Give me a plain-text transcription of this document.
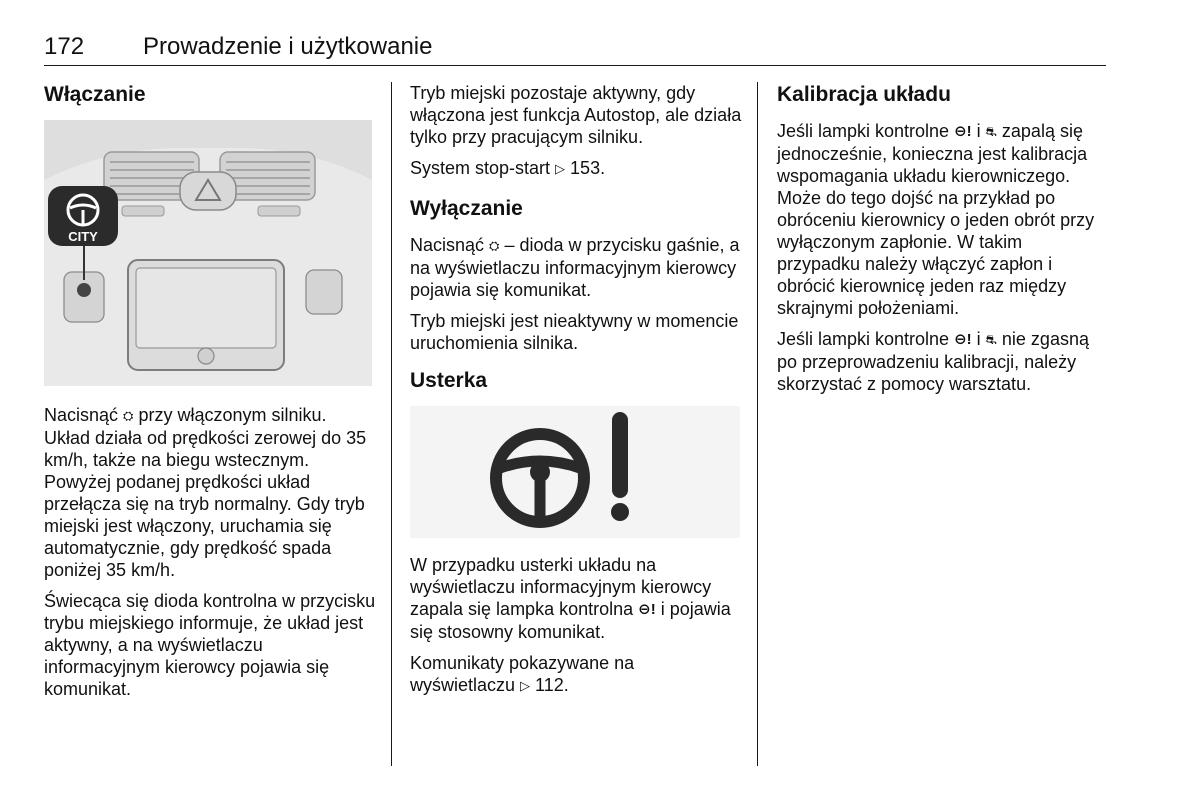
172 Prowadzenie i użytkowanie
Włączanie
CITY

Nacisnąć ⛭ przy włączonym silniku. Układ działa od prędkości zerowej do 35 km/h, także na biegu wstecznym. Powyżej podanej prędkości układ przełącza się na tryb normalny. Gdy tryb miejski jest włączony, uruchamia się automatycznie, gdy prędkość spada poniżej 35 km/h.

Świecąca się dioda kontrolna w przycisku trybu miejskiego informuje, że układ jest aktywny, a na wyświetlaczu informacyjnym kierowcy pojawia się komunikat.

Tryb miejski pozostaje aktywny, gdy włączona jest funkcja Autostop, ale działa tylko przy pracującym silniku.

System stop-start ▷ 153.

Wyłączanie

Nacisnąć ⛭ – dioda w przycisku gaśnie, a na wyświetlaczu informacyjnym kierowcy pojawia się komunikat.

Tryb miejski jest nieaktywny w momencie uruchomienia silnika.

Usterka

W przypadku usterki układu na wyświetlaczu informacyjnym kierowcy zapala się lampka kontrolna ⊖! i pojawia się stosowny komunikat.

Komunikaty pokazywane na wyświetlaczu ▷ 112.

Kalibracja układu

Jeśli lampki kontrolne ⊖! i ⛐ zapalą się jednocześnie, konieczna jest kalibracja wspomagania układu kierowniczego. Może do tego dojść na przykład po obróceniu kierownicy o jeden obrót przy wyłączonym zapłonie. W takim przypadku należy włączyć zapłon i obrócić kierownicę jeden raz między skrajnymi położeniami.

Jeśli lampki kontrolne ⊖! i ⛐ nie zgasną po przeprowadzeniu kalibracji, należy skorzystać z pomocy warsztatu.
